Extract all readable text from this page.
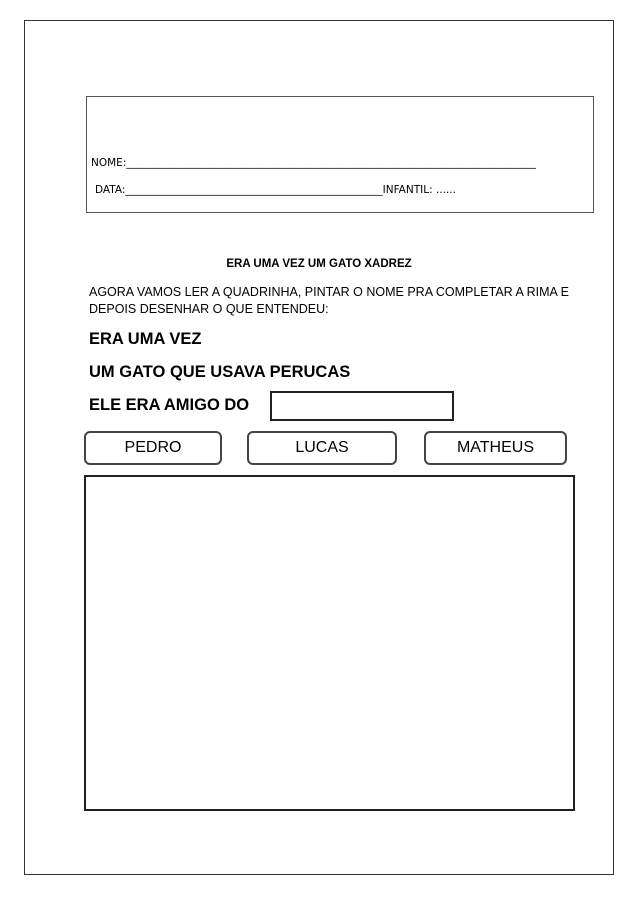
NOME:______________________________________________________________________________
DATA:_________________________________________________INFANTIL: ......
ERA UMA VEZ UM GATO XADREZ
AGORA VAMOS LER A QUADRINHA, PINTAR O NOME PRA COMPLETAR A RIMA E DEPOIS DESENHAR O QUE ENTENDEU:
ERA UMA VEZ
UM GATO QUE USAVA PERUCAS
ELE ERA AMIGO DO
PEDRO	LUCAS	MATHEUS
